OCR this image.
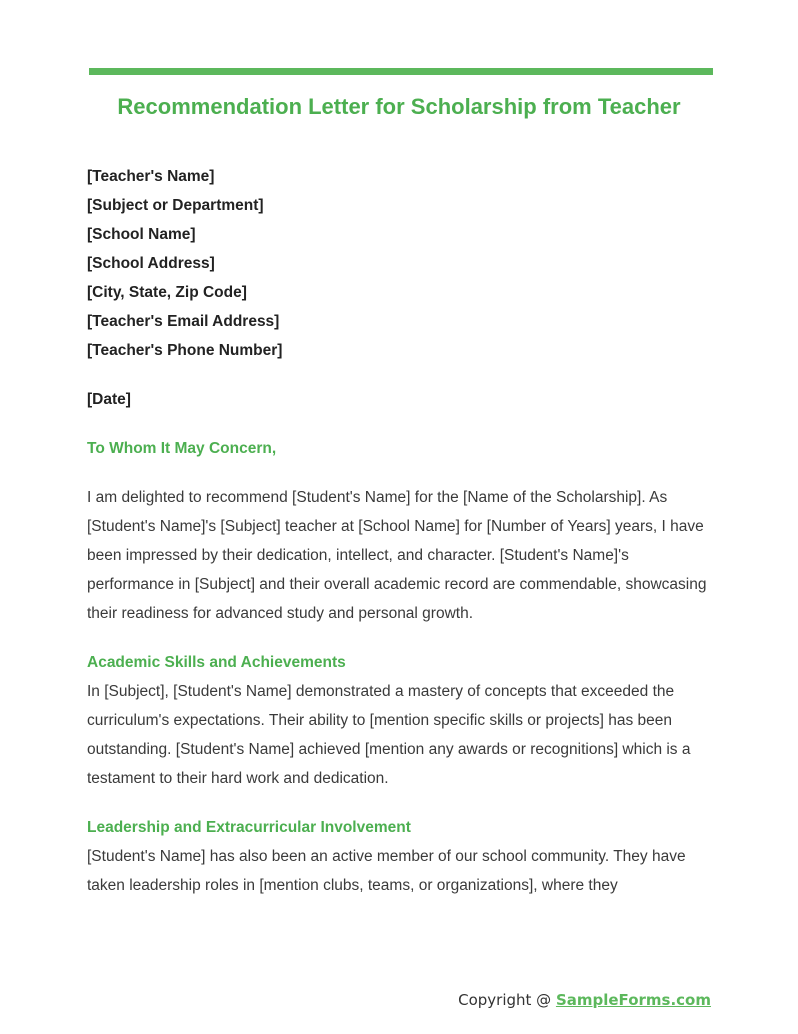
Recommendation Letter for Scholarship from Teacher

[Teacher's Name]

[Subject or Department]

[School Name]

[School Address]

[City, State, Zip Code]

[Teacher's Email Address]

[Teacher's Phone Number]

[Date]

To Whom It May Concern,

I am delighted to recommend [Student's Name] for the [Name of the Scholarship]. As [Student's Name]'s [Subject] teacher at [School Name] for [Number of Years] years, I have been impressed by their dedication, intellect, and character. [Student's Name]'s performance in [Subject] and their overall academic record are commendable, showcasing their readiness for advanced study and personal growth.

Academic Skills and Achievements

In [Subject], [Student's Name] demonstrated a mastery of concepts that exceeded the curriculum's expectations. Their ability to [mention specific skills or projects] has been outstanding. [Student's Name] achieved [mention any awards or recognitions] which is a testament to their hard work and dedication.

Leadership and Extracurricular Involvement

[Student's Name] has also been an active member of our school community. They have taken leadership roles in [mention clubs, teams, or organizations], where they

Copyright @ SampleForms.com
